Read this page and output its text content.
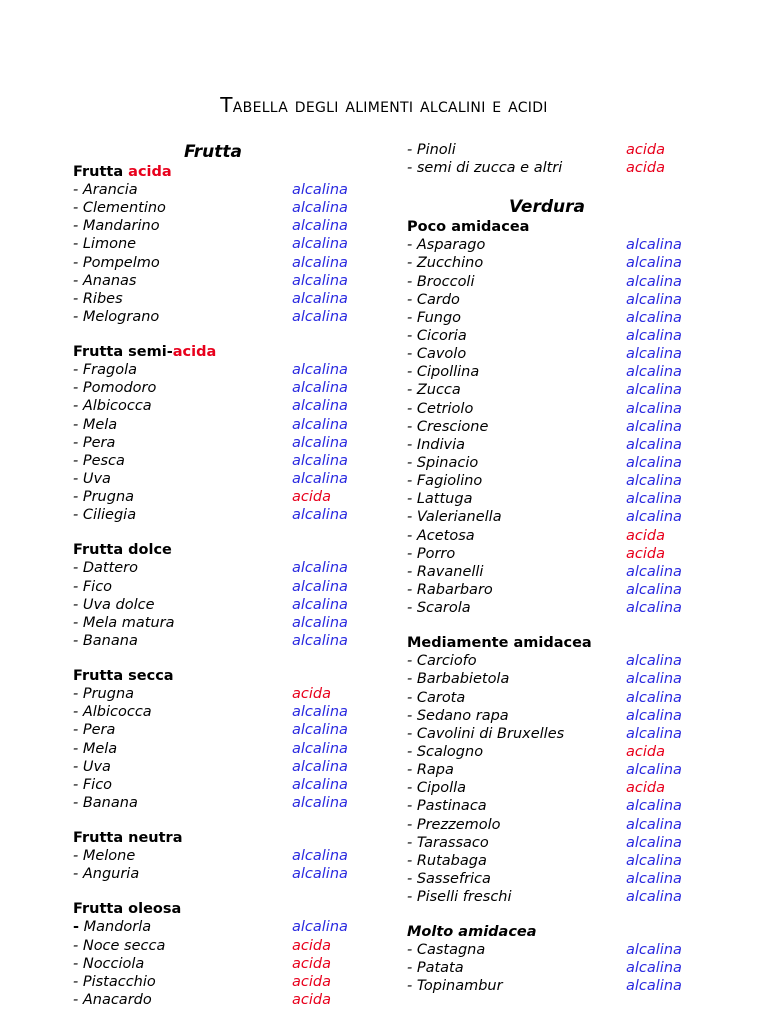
Tabella degli alimenti alcalini e acidi
Frutta
Frutta acida
- Arancia	alcalina
- Clementino	alcalina
- Mandarino	alcalina
- Limone	alcalina
- Pompelmo	alcalina
- Ananas	alcalina
- Ribes	alcalina
- Melograno	alcalina
Frutta semi-acida
- Fragola	alcalina
- Pomodoro	alcalina
- Albicocca	alcalina
- Mela	alcalina
- Pera	alcalina
- Pesca	alcalina
- Uva	alcalina
- Prugna	acida
- Ciliegia	alcalina
Frutta dolce
- Dattero	alcalina
- Fico	alcalina
- Uva dolce	alcalina
- Mela matura	alcalina
- Banana	alcalina
Frutta secca
- Prugna	acida
- Albicocca	alcalina
- Pera	alcalina
- Mela	alcalina
- Uva	alcalina
- Fico	alcalina
- Banana	alcalina
Frutta neutra
- Melone	alcalina
- Anguria	alcalina
Frutta oleosa
- Mandorla	alcalina
- Noce secca	acida
- Nocciola	acida
- Pistacchio	acida
- Anacardo	acida
- Pinoli	acida
- semi di zucca e altri	acida
Verdura
Poco amidacea
- Asparago	alcalina
- Zucchino	alcalina
- Broccoli	alcalina
- Cardo	alcalina
- Fungo	alcalina
- Cicoria	alcalina
- Cavolo	alcalina
- Cipollina	alcalina
- Zucca	alcalina
- Cetriolo	alcalina
- Crescione	alcalina
- Indivia	alcalina
- Spinacio	alcalina
- Fagiolino	alcalina
- Lattuga	alcalina
- Valerianella	alcalina
- Acetosa	acida
- Porro	acida
- Ravanelli	alcalina
- Rabarbaro	alcalina
- Scarola	alcalina
Mediamente amidacea
- Carciofo	alcalina
- Barbabietola	alcalina
- Carota	alcalina
- Sedano rapa	alcalina
- Cavolini di Bruxelles	alcalina
- Scalogno	acida
- Rapa	alcalina
- Cipolla	acida
- Pastinaca	alcalina
- Prezzemolo	alcalina
- Tarassaco	alcalina
- Rutabaga	alcalina
- Sassefrica	alcalina
- Piselli freschi	alcalina
Molto amidacea
- Castagna	alcalina
- Patata	alcalina
- Topinambur	alcalina
